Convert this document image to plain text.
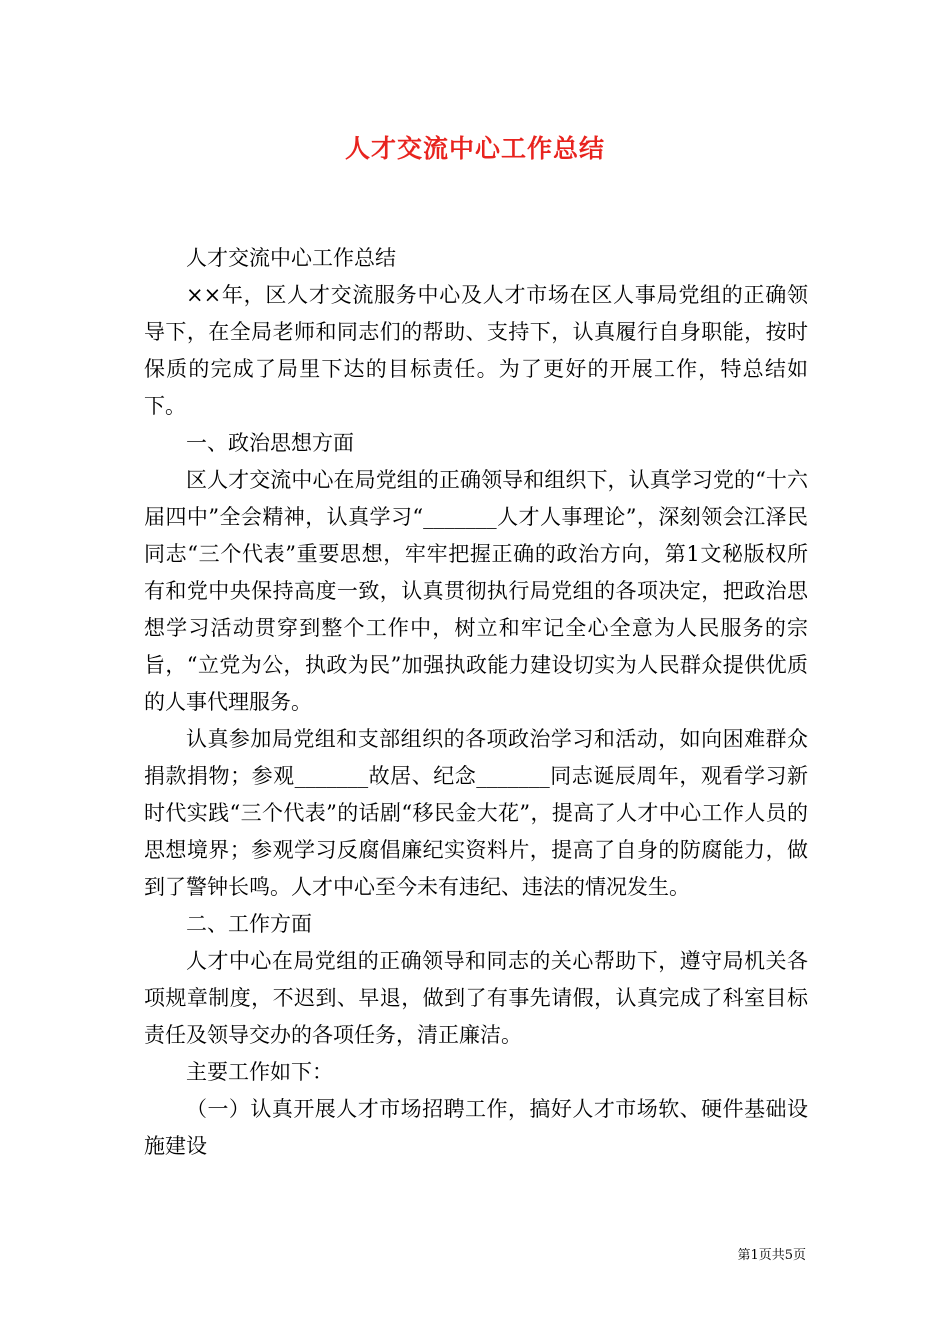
人才交流中心工作总结

人才交流中心工作总结

××年，区人才交流服务中心及人才市场在区人事局党组的正确领导下，在全局老师和同志们的帮助、支持下，认真履行自身职能，按时保质的完成了局里下达的目标责任。为了更好的开展工作，特总结如下。

一、政治思想方面

区人才交流中心在局党组的正确领导和组织下，认真学习党的“十六届四中”全会精神，认真学习“_______人才人事理论”，深刻领会江泽民同志“三个代表”重要思想，牢牢把握正确的政治方向，第1文秘版权所有和党中央保持高度一致，认真贯彻执行局党组的各项决定，把政治思想学习活动贯穿到整个工作中，树立和牢记全心全意为人民服务的宗旨，“立党为公，执政为民”加强执政能力建设切实为人民群众提供优质的人事代理服务。

认真参加局党组和支部组织的各项政治学习和活动，如向困难群众捐款捐物；参观_______故居、纪念_______同志诞辰周年，观看学习新时代实践“三个代表”的话剧“移民金大花”，提高了人才中心工作人员的思想境界；参观学习反腐倡廉纪实资料片，提高了自身的防腐能力，做到了警钟长鸣。人才中心至今未有违纪、违法的情况发生。

二、工作方面

人才中心在局党组的正确领导和同志的关心帮助下，遵守局机关各项规章制度，不迟到、早退，做到了有事先请假，认真完成了科室目标责任及领导交办的各项任务，清正廉洁。

主要工作如下：

（一）认真开展人才市场招聘工作，搞好人才市场软、硬件基础设施建设

第1页共5页
